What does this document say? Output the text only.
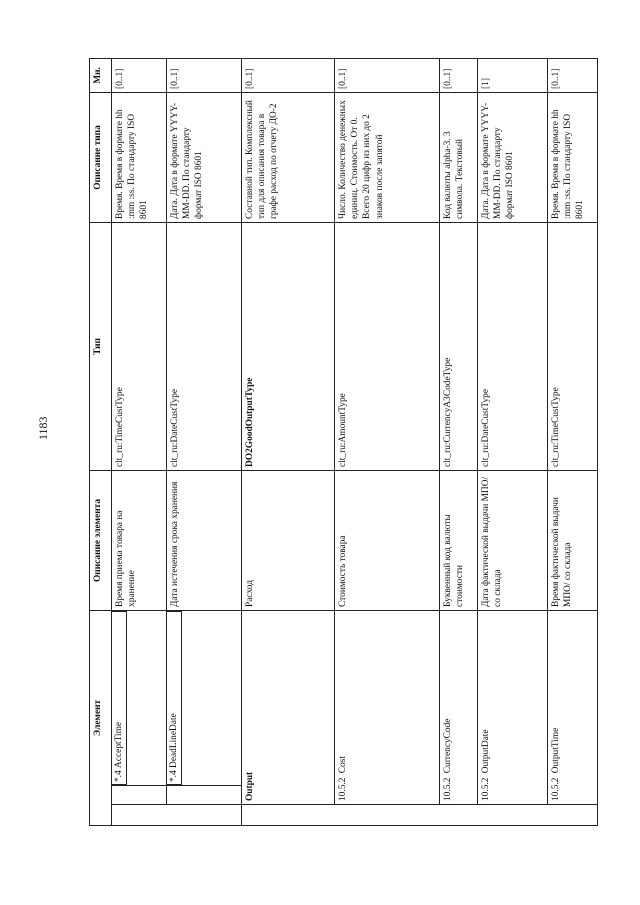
1183
Элемент			Описание элемента	Тип	Описание типа	Мн.

		*.4 AcceptTime	Время приема товара на хранение	clt_ru:TimeCustType	Время. Время в формате hh :mm :ss. По стандарту ISO 8601	[0..1]

		*.4 DeadLineDate	Дата истечения срока хранения	clt_ru:DateCustType	Дата. Дата в формате YYYY-MM-DD. По стандарту формат ISO 8601	[0..1]
	Output		Расход	DO2GoodOutputType	Составной тип. Комплексный тип для описания товара в графе расход по отчету ДО-2	[0..1]
	10.5.2 Cost		Стоимость товара	clt_ru:AmountType	Число. Количество денежных единиц. Стоимость. От 0. Всего 20 цифр из них до 2 знаков после запятой	[0..1]
	10.5.2 CurrencyCode		Буквенный код валюты стоимости	clt_ru:CurrencyA3CodeType	Код валюты alpha-3. 3 символа. Текстовый	[0..1]
	10.5.2 OutputDate		Дата фактической выдачи МПО/ со склада	clt_ru:DateCustType	Дата. Дата в формате YYYY-MM-DD. По стандарту формат ISO 8601	[1]
	10.5.2 OutputTime		Время фактической выдачи МПО/ со склада	clt_ru:TimeCustType	Время. Время в формате hh :mm :ss. По стандарту ISO 8601	[0..1]
